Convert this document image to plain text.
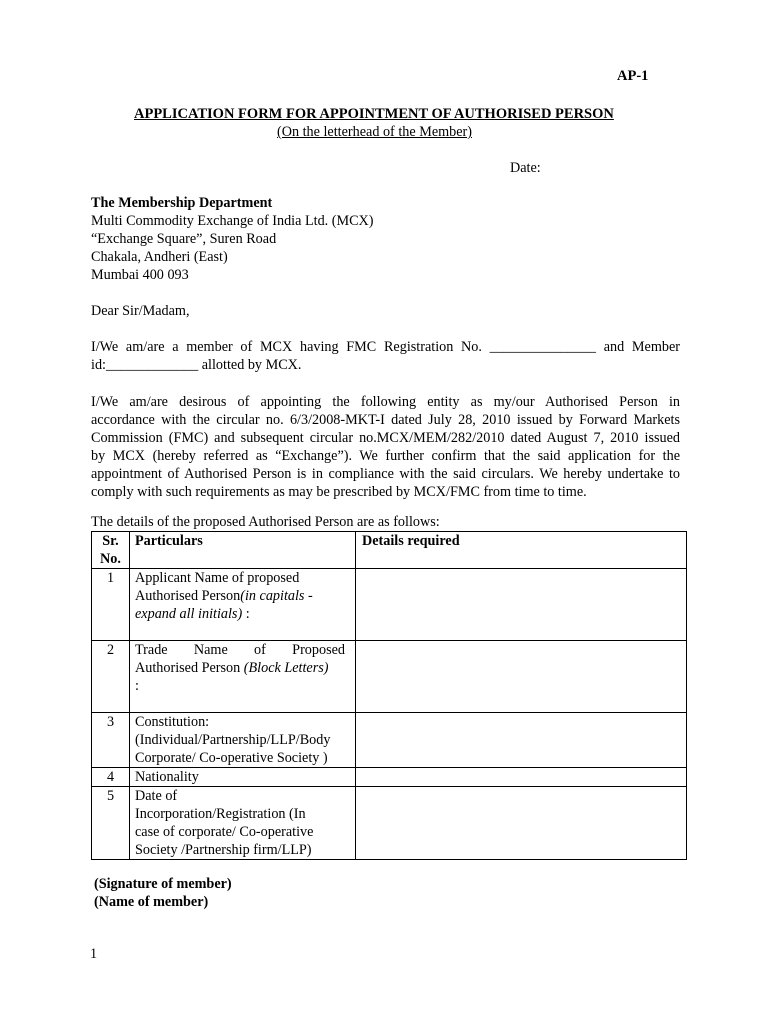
AP-1
APPLICATION FORM FOR APPOINTMENT OF AUTHORISED PERSON
(On the letterhead of the Member)
Date:
The Membership Department
Multi Commodity Exchange of India Ltd. (MCX)
“Exchange Square”, Suren Road
Chakala, Andheri (East)
Mumbai 400 093
Dear Sir/Madam,
I/We am/are a member of MCX having FMC Registration No. _______________ and Member
id:_____________ allotted by MCX.
I/We am/are desirous of appointing the following entity as my/our Authorised Person in
accordance with the circular no. 6/3/2008-MKT-I dated July 28, 2010 issued by Forward Markets
Commission (FMC) and subsequent circular no.MCX/MEM/282/2010 dated August 7, 2010 issued
by MCX (hereby referred as “Exchange”). We further confirm that the said application for the
appointment of Authorised Person is in compliance with the said circulars. We hereby undertake to
comply with such requirements as may be prescribed by MCX/FMC from time to time.
The details of the proposed Authorised Person are as follows:
Sr.
No.	Particulars	Details required
1	Applicant Name of proposed
Authorised Person(in capitals -
expand all initials) :	

2	Trade    Name    of    Proposed
Authorised Person (Block Letters)
:	

3	Constitution:
(Individual/Partnership/LLP/Body
Corporate/ Co-operative Society )	

4	Nationality	
5	Date of
Incorporation/Registration (In
case of corporate/ Co-operative
Society /Partnership firm/LLP)	

(Signature of member)
(Name of member)
1
